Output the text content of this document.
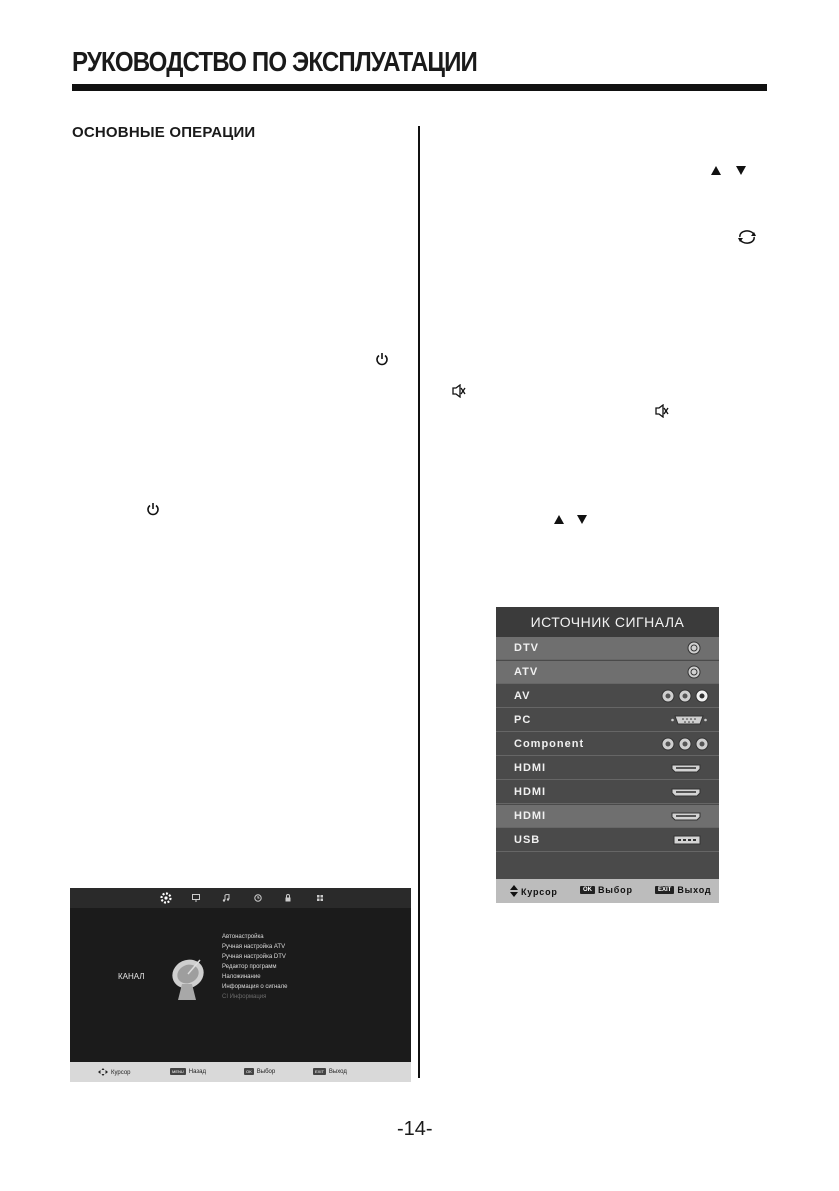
РУКОВОДСТВО ПО ЭКСПЛУАТАЦИИ
ОСНОВНЫЕ ОПЕРАЦИИ
КАНАЛ
Автонастройка
Ручная настройка ATV
Ручная настройка DTV
Редактор программ
Наложинание
Информация о сигнале
CI Информация
Курсор	MENU Назад	OK Выбор	EXIT Выход
ИСТОЧНИК СИГНАЛА
DTV
ATV
AV
PC
Component
HDMI
HDMI
HDMI
USB
Курсор	OK Выбор	EXIT Выход
-14-
